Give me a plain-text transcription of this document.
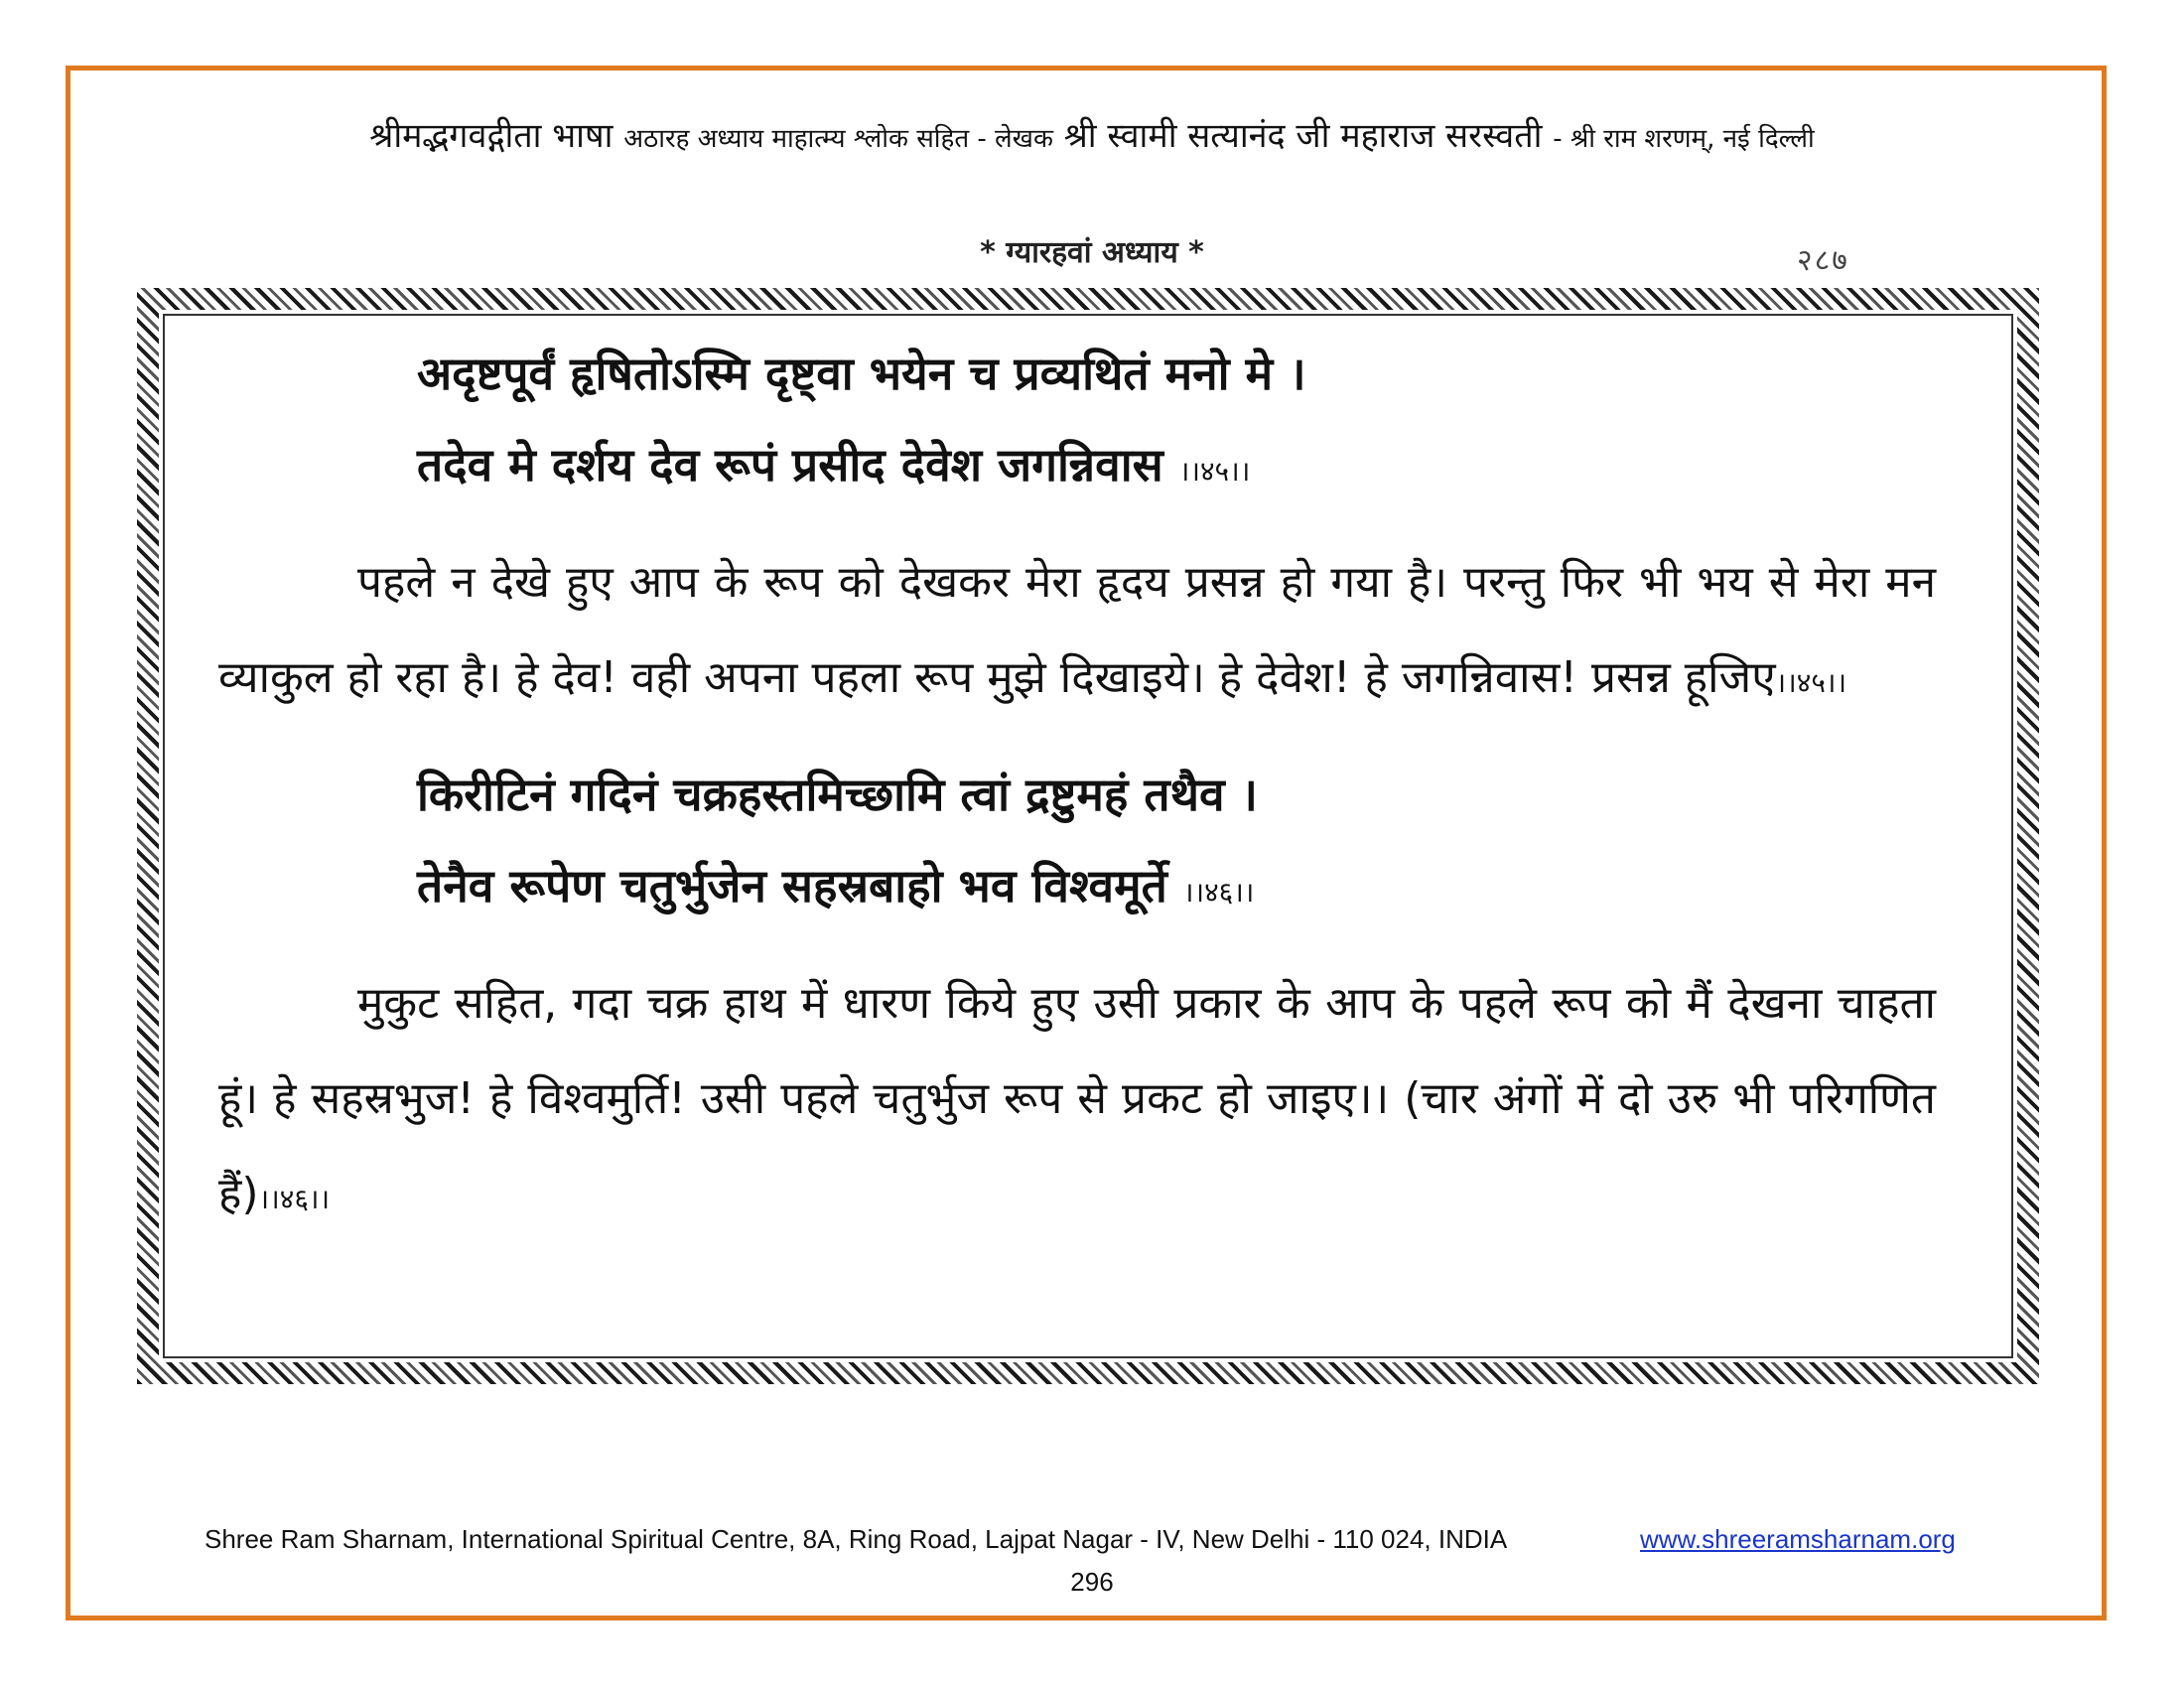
श्रीमद्भगवद्गीता भाषा अठारह अध्याय माहात्म्य श्लोक सहित - लेखक श्री स्वामी सत्यानंद जी महाराज सरस्वती - श्री राम शरणम्, नई दिल्ली
* ग्यारहवां अध्याय *	२८७
अदृष्टपूर्वं हृषितोऽस्मि दृष्ट्वा भयेन च प्रव्यथितं मनो मे ।
तदेव मे दर्शय देव रूपं प्रसीद देवेश जगन्निवास ।।४५।।
पहले न देखे हुए आप के रूप को देखकर मेरा हृदय प्रसन्न हो गया है। परन्तु फिर भी भय से मेरा मन व्याकुल हो रहा है। हे देव! वही अपना पहला रूप मुझे दिखाइये। हे देवेश! हे जगन्निवास! प्रसन्न हूजिए।।४५।।
किरीटिनं गदिनं चक्रहस्तमिच्छामि त्वां द्रष्टुमहं तथैव ।
तेनैव रूपेण चतुर्भुजेन सहस्रबाहो भव विश्वमूर्ते ।।४६।।
मुकुट सहित, गदा चक्र हाथ में धारण किये हुए उसी प्रकार के आप के पहले रूप को मैं देखना चाहता हूं। हे सहस्रभुज! हे विश्वमुर्ति! उसी पहले चतुर्भुज रूप से प्रकट हो जाइए।। (चार अंगों में दो उरु भी परिगणित हैं)।।४६।।
Shree Ram Sharnam, International Spiritual Centre, 8A, Ring Road, Lajpat Nagar - IV, New Delhi - 110 024, INDIA	www.shreeramsharnam.org
296
